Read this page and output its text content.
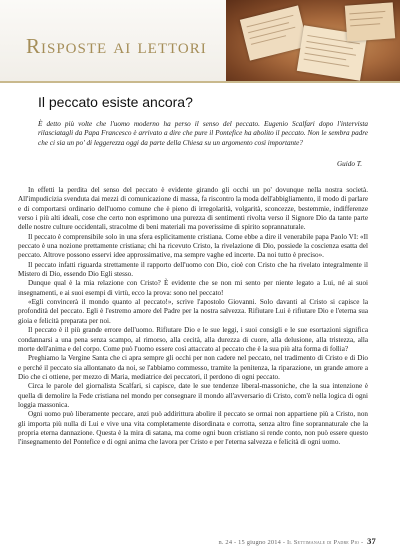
Risposte ai lettori
Il peccato esiste ancora?

È detto più volte che l'uomo moderno ha perso il senso del peccato. Eugenio Scalfari dopo l'intervista rilasciatagli da Papa Francesco è arrivato a dire che pure il Pontefice ha abolito il peccato. Non le sembra padre che ci sia un po' di leggerezza oggi da parte della Chiesa su un argomento così importante?

Guido T.

In effetti la perdita del senso del peccato è evidente girando gli occhi un po' dovunque nella nostra società. All'impudicizia svenduta dai mezzi di comunicazione di massa, fa riscontro la moda dell'abbigliamento, il modo di parlare e di comportarsi ordinario dell'uomo comune che è pieno di irregolarità, volgarità, sconcezze, bestemmie, indifferenze verso i più alti ideali, cose che certo non esprimono una purezza di sentimenti rivolta verso il Signore Dio da tante parte delle nostre culture occidentali, stracolme di beni materiali ma poverissime di spirito soprannaturale.

Il peccato è comprensibile solo in una sfera esplicitamente cristiana. Come ebbe a dire il venerabile papa Paolo VI: «Il peccato è una nozione prettamente cristiana; chi ha ricevuto Cristo, la rivelazione di Dio, possiede la coscienza esatta del peccato. Altrove possono esservi idee approssimative, ma sempre vaghe ed incerte. Da noi tutto è preciso».

Il peccato infatti riguarda strettamente il rapporto dell'uomo con Dio, cioè con Cristo che ha rivelato integralmente il Mistero di Dio, essendo Dio Egli stesso.

Dunque qual è la mia relazione con Cristo? È evidente che se non mi sento per niente legato a Lui, né ai suoi insegnamenti, e ai suoi esempi di virtù, ecco la prova: sono nel peccato!

«Egli convincerà il mondo quanto al peccato!», scrive l'apostolo Giovanni. Solo davanti al Cristo si capisce la profondità del peccato. Egli è l'estremo amore del Padre per la nostra salvezza. Rifiutare Lui è rifiutare Dio e l'eterna sua gioia e felicità preparata per noi.

Il peccato è il più grande errore dell'uomo. Rifiutare Dio e le sue leggi, i suoi consigli e le sue esortazioni significa condannarsi a una pena senza scampo, al rimorso, alla cecità, alla durezza di cuore, alla delusione, alla tristezza, alla morte dell'anima e del corpo. Come può l'uomo essere così attaccato al peccato che è la sua più alta forma di follia?

Preghiamo la Vergine Santa che ci apra sempre gli occhi per non cadere nel peccato, nel tradimento di Cristo e di Dio e perché il peccato sia allontanato da noi, se l'abbiamo commesso, tramite la penitenza, la riparazione, un grande amore a Dio che ci ottiene, per mezzo di Maria, mediatrice dei peccatori, il perdono di ogni peccato.

Circa le parole del giornalista Scalfari, si capisce, date le sue tendenze liberal-massoniche, che la sua intenzione è quella di demolire la Fede cristiana nel mondo per consegnare il mondo all'avversario di Cristo, com'è nella logica di ogni loggia massonica.

Ogni uomo può liberamente peccare, anzi può addirittura abolire il peccato se ormai non appartiene più a Cristo, non gli importa più nulla di Lui e vive una vita completamente disordinata e corrotta, senza altro fine soprannaturale che la propria eterna dannazione. Questa è la mira di satana, ma come ogni buon cristiano si rende conto, non può essere questo l'insegnamento del Pontefice e di ogni anima che lavora per Cristo e per l'eterna salvezza e felicità di ogni uomo.

n. 24 - 15 giugno 2014 - Il Settimanale di Padre Pio - 37
